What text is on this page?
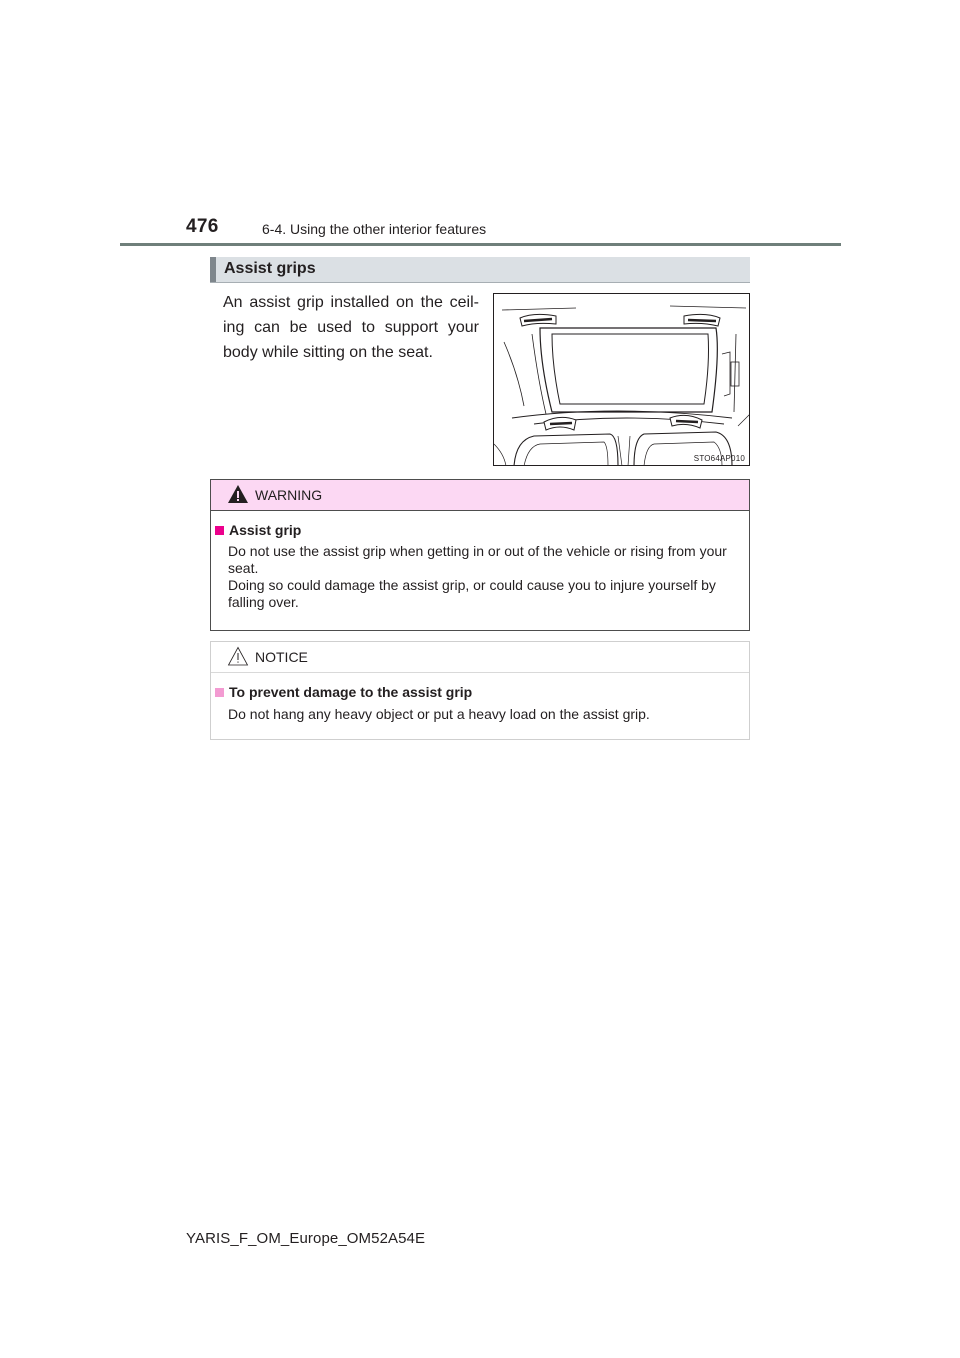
476	6-4. Using the other interior features
Assist grips
An assist grip installed on the ceil-ing can be used to support your body while sitting on the seat.
STO64AP010
WARNING
Assist grip

Do not use the assist grip when getting in or out of the vehicle or rising from your seat.

Doing so could damage the assist grip, or could cause you to injure yourself by falling over.

NOTICE
To prevent damage to the assist grip

Do not hang any heavy object or put a heavy load on the assist grip.

YARIS_F_OM_Europe_OM52A54E
